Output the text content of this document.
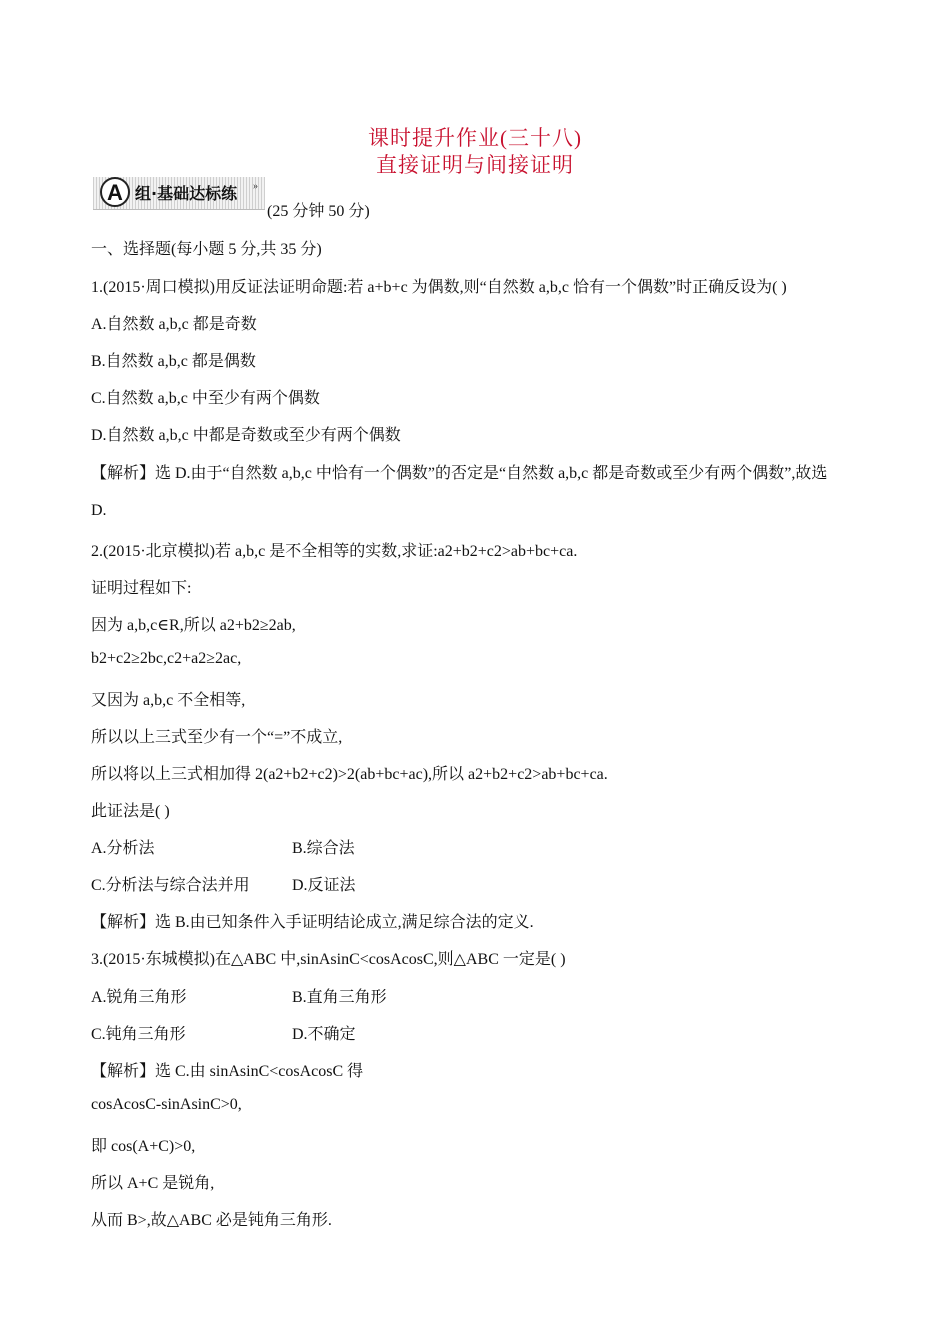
课时提升作业(三十八)
直接证明与间接证明
A 组·基础达标练 »
(25 分钟 50 分)
一、选择题(每小题 5 分,共 35 分)
1.(2015·周口模拟)用反证法证明命题:若 a+b+c 为偶数,则“自然数 a,b,c 恰有一个偶数”时正确反设为( )
A.自然数 a,b,c 都是奇数
B.自然数 a,b,c 都是偶数
C.自然数 a,b,c 中至少有两个偶数
D.自然数 a,b,c 中都是奇数或至少有两个偶数
【解析】选 D.由于“自然数 a,b,c 中恰有一个偶数”的否定是“自然数 a,b,c 都是奇数或至少有两个偶数”,故选
D.
2.(2015·北京模拟)若 a,b,c 是不全相等的实数,求证:a2+b2+c2>ab+bc+ca.
证明过程如下:
因为 a,b,c∈R,所以 a2+b2≥2ab,
b2+c2≥2bc,c2+a2≥2ac,
又因为 a,b,c 不全相等,
所以以上三式至少有一个“=”不成立,
所以将以上三式相加得 2(a2+b2+c2)>2(ab+bc+ac),所以 a2+b2+c2>ab+bc+ca.
此证法是( )
A.分析法	B.综合法
C.分析法与综合法并用	D.反证法
【解析】选 B.由已知条件入手证明结论成立,满足综合法的定义.
3.(2015·东城模拟)在△ABC 中,sinAsinC<cosAcosC,则△ABC 一定是( )
A.锐角三角形	B.直角三角形
C.钝角三角形	D.不确定
【解析】选 C.由 sinAsinC<cosAcosC 得
cosAcosC-sinAsinC>0,
即 cos(A+C)>0,
所以 A+C 是锐角,
从而 B>,故△ABC 必是钝角三角形.
